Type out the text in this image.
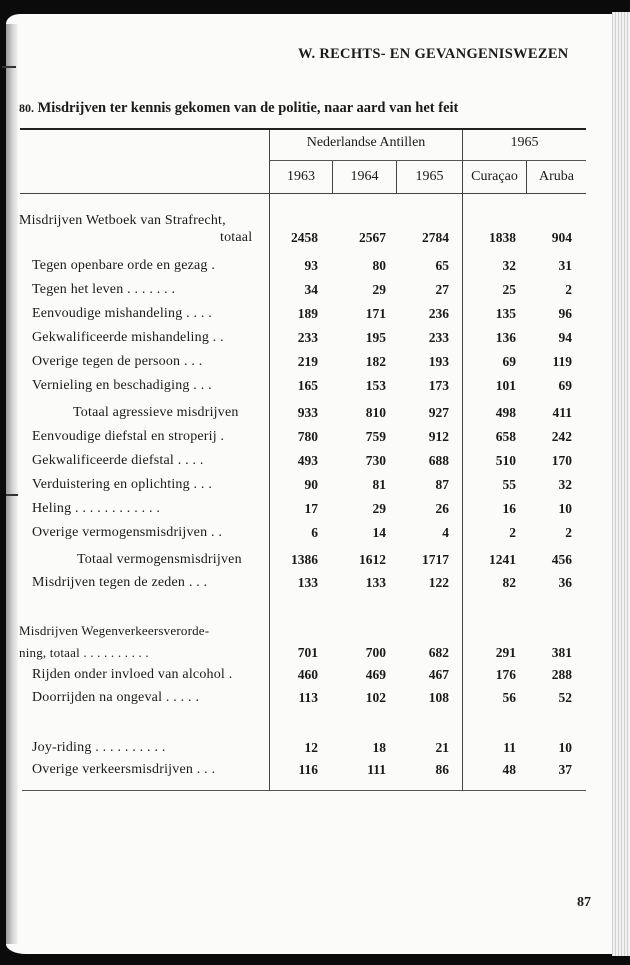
W. RECHTS- EN GEVANGENISWEZEN
80. Misdrijven ter kennis gekomen van de politie, naar aard van het feit
Nederlandse Antillen	1965
1963	1964	1965	Curaçao	Aruba
Misdrijven Wetboek van Strafrecht,
totaal	2458	2567	2784	1838	904
Tegen openbare orde en gezag .	93	80	65	32	31
Tegen het leven . . . . . . .	34	29	27	25	2
Eenvoudige mishandeling . . . .	189	171	236	135	96
Gekwalificeerde mishandeling . .	233	195	233	136	94
Overige tegen de persoon . . .	219	182	193	69	119
Vernieling en beschadiging . . .	165	153	173	101	69
Totaal agressieve misdrijven	933	810	927	498	411
Eenvoudige diefstal en stroperij .	780	759	912	658	242
Gekwalificeerde diefstal . . . .	493	730	688	510	170
Verduistering en oplichting . . .	90	81	87	55	32
Heling . . . . . . . . . . . .	17	29	26	16	10
Overige vermogensmisdrijven . .	6	14	4	2	2
Totaal vermogensmisdrijven	1386	1612	1717	1241	456
Misdrijven tegen de zeden . . .	133	133	122	82	36
Misdrijven Wegenverkeersverorde-
ning, totaal . . . . . . . . . .	701	700	682	291	381
Rijden onder invloed van alcohol .	460	469	467	176	288
Doorrijden na ongeval . . . . .	113	102	108	56	52
Joy-riding . . . . . . . . . .	12	18	21	11	10
Overige verkeersmisdrijven . . .	116	111	86	48	37
87
